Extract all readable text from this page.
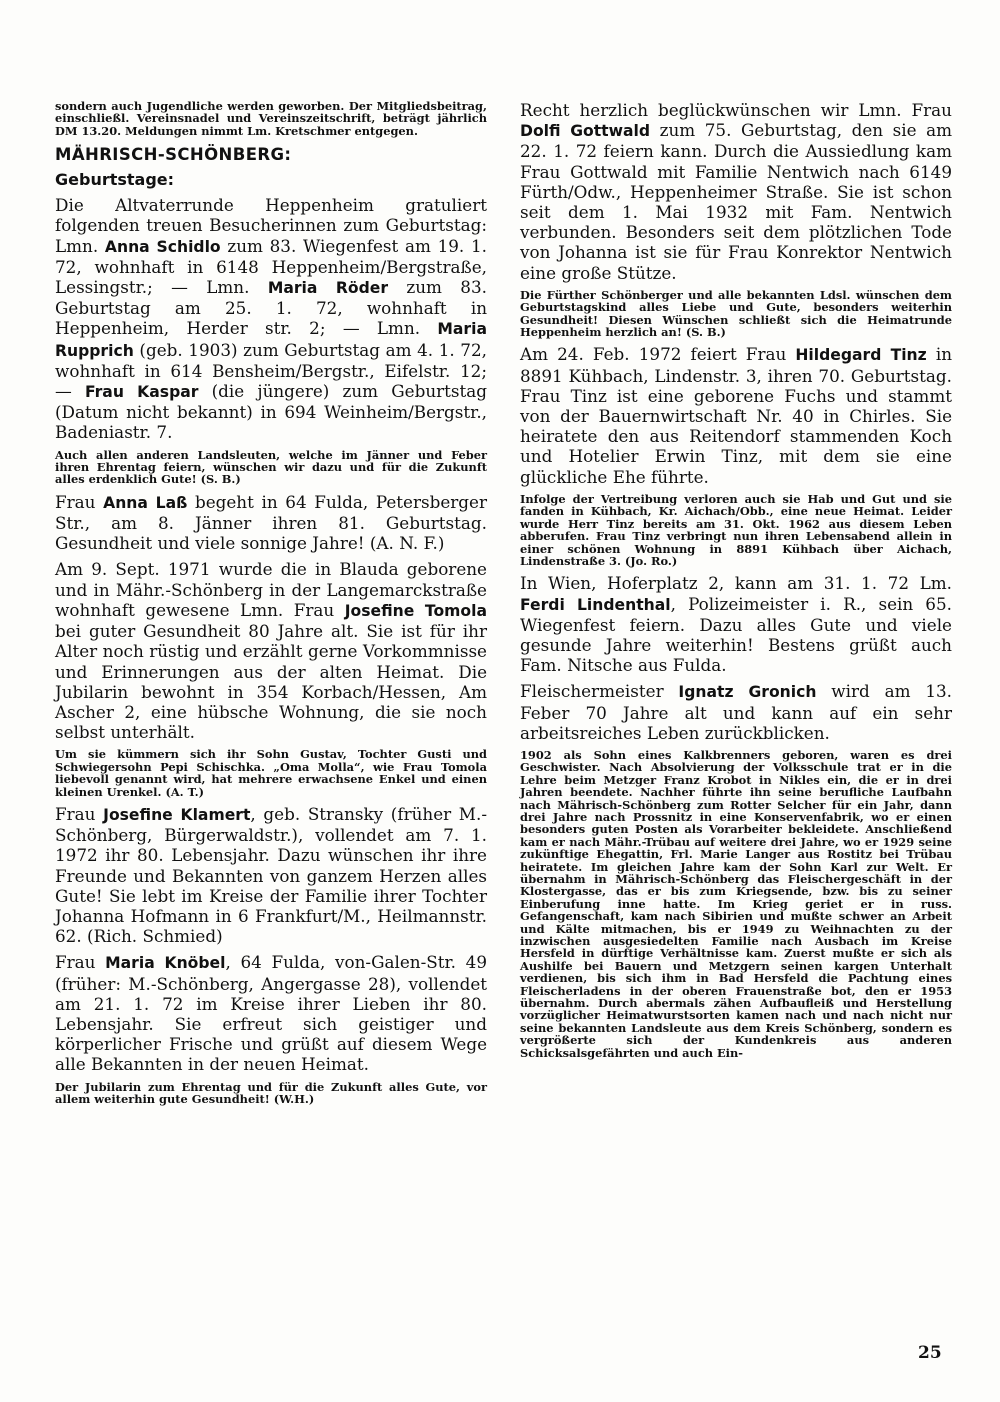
sondern auch Jugendliche werden geworben. Der Mitgliedsbeitrag, einschließl. Vereinsnadel und Vereinszeitschrift, beträgt jährlich DM 13.20. Meldungen nimmt Lm. Kretschmer entgegen.

MÄHRISCH-SCHÖNBERG:
Geburtstage:

Die Altvaterrunde Heppenheim gratuliert folgenden treuen Besucherinnen zum Geburtstag: Lmn. Anna Schidlo zum 83. Wiegenfest am 19. 1. 72, wohnhaft in 6148 Heppenheim/Bergstraße, Lessingstr.; — Lmn. Maria Röder zum 83. Geburtstag am 25. 1. 72, wohnhaft in Heppenheim, Herder str. 2; — Lmn. Maria Rupprich (geb. 1903) zum Geburtstag am 4. 1. 72, wohnhaft in 614 Bensheim/Bergstr., Eifelstr. 12; — Frau Kaspar (die jüngere) zum Geburtstag (Datum nicht bekannt) in 694 Weinheim/Bergstr., Badeniastr. 7.

Auch allen anderen Landsleuten, welche im Jänner und Feber ihren Ehrentag feiern, wünschen wir dazu und für die Zukunft alles erdenklich Gute! (S. B.)

Frau Anna Laß begeht in 64 Fulda, Petersberger Str., am 8. Jänner ihren 81. Geburtstag. Gesundheit und viele sonnige Jahre! (A. N. F.)

Am 9. Sept. 1971 wurde die in Blauda geborene und in Mähr.-Schönberg in der Langemarckstraße wohnhaft gewesene Lmn. Frau Josefine Tomola bei guter Gesundheit 80 Jahre alt. Sie ist für ihr Alter noch rüstig und erzählt gerne Vorkommnisse und Erinnerungen aus der alten Heimat. Die Jubilarin bewohnt in 354 Korbach/Hessen, Am Ascher 2, eine hübsche Wohnung, die sie noch selbst unterhält.

Um sie kümmern sich ihr Sohn Gustav, Tochter Gusti und Schwiegersohn Pepi Schischka. „Oma Molla“, wie Frau Tomola liebevoll genannt wird, hat mehrere erwachsene Enkel und einen kleinen Urenkel. (A. T.)

Frau Josefine Klamert, geb. Stransky (früher M.-Schönberg, Bürgerwaldstr.), vollendet am 7. 1. 1972 ihr 80. Lebensjahr. Dazu wünschen ihr ihre Freunde und Bekannten von ganzem Herzen alles Gute! Sie lebt im Kreise der Familie ihrer Tochter Johanna Hofmann in 6 Frankfurt/M., Heilmannstr. 62. (Rich. Schmied)

Frau Maria Knöbel, 64 Fulda, von-Galen-Str. 49 (früher: M.-Schönberg, Angergasse 28), vollendet am 21. 1. 72 im Kreise ihrer Lieben ihr 80. Lebensjahr. Sie erfreut sich geistiger und körperlicher Frische und grüßt auf diesem Wege alle Bekannten in der neuen Heimat.

Der Jubilarin zum Ehrentag und für die Zukunft alles Gute, vor allem weiterhin gute Gesundheit! (W.H.)

Recht herzlich beglückwünschen wir Lmn. Frau Dolfi Gottwald zum 75. Geburtstag, den sie am 22. 1. 72 feiern kann. Durch die Aussiedlung kam Frau Gottwald mit Familie Nentwich nach 6149 Fürth/Odw., Heppenheimer Straße. Sie ist schon seit dem 1. Mai 1932 mit Fam. Nentwich verbunden. Besonders seit dem plötzlichen Tode von Johanna ist sie für Frau Konrektor Nentwich eine große Stütze.

Die Fürther Schönberger und alle bekannten Ldsl. wünschen dem Geburtstagskind alles Liebe und Gute, besonders weiterhin Gesundheit! Diesen Wünschen schließt sich die Heimatrunde Heppenheim herzlich an! (S. B.)

Am 24. Feb. 1972 feiert Frau Hildegard Tinz in 8891 Kühbach, Lindenstr. 3, ihren 70. Geburtstag. Frau Tinz ist eine geborene Fuchs und stammt von der Bauernwirtschaft Nr. 40 in Chirles. Sie heiratete den aus Reitendorf stammenden Koch und Hotelier Erwin Tinz, mit dem sie eine glückliche Ehe führte.

Infolge der Vertreibung verloren auch sie Hab und Gut und sie fanden in Kühbach, Kr. Aichach/Obb., eine neue Heimat. Leider wurde Herr Tinz bereits am 31. Okt. 1962 aus diesem Leben abberufen. Frau Tinz verbringt nun ihren Lebensabend allein in einer schönen Wohnung in 8891 Kühbach über Aichach, Lindenstraße 3. (Jo. Ro.)

In Wien, Hoferplatz 2, kann am 31. 1. 72 Lm. Ferdi Lindenthal, Polizeimeister i. R., sein 65. Wiegenfest feiern. Dazu alles Gute und viele gesunde Jahre weiterhin! Bestens grüßt auch Fam. Nitsche aus Fulda.

Fleischermeister Ignatz Gronich wird am 13. Feber 70 Jahre alt und kann auf ein sehr arbeitsreiches Leben zurückblicken.

1902 als Sohn eines Kalkbrenners geboren, waren es drei Geschwister. Nach Absolvierung der Volksschule trat er in die Lehre beim Metzger Franz Krobot in Nikles ein, die er in drei Jahren beendete. Nachher führte ihn seine berufliche Laufbahn nach Mährisch-Schönberg zum Rotter Selcher für ein Jahr, dann drei Jahre nach Prossnitz in eine Konservenfabrik, wo er einen besonders guten Posten als Vorarbeiter bekleidete. Anschließend kam er nach Mähr.-Trübau auf weitere drei Jahre, wo er 1929 seine zukünftige Ehegattin, Frl. Marie Langer aus Rostitz bei Trübau heiratete. Im gleichen Jahre kam der Sohn Karl zur Welt. Er übernahm in Mährisch-Schönberg das Fleischergeschäft in der Klostergasse, das er bis zum Kriegsende, bzw. bis zu seiner Einberufung inne hatte. Im Krieg geriet er in russ. Gefangenschaft, kam nach Sibirien und mußte schwer an Arbeit und Kälte mitmachen, bis er 1949 zu Weihnachten zu der inzwischen ausgesiedelten Familie nach Ausbach im Kreise Hersfeld in dürftige Verhältnisse kam. Zuerst mußte er sich als Aushilfe bei Bauern und Metzgern seinen kargen Unterhalt verdienen, bis sich ihm in Bad Hersfeld die Pachtung eines Fleischerladens in der oberen Frauenstraße bot, den er 1953 übernahm. Durch abermals zähen Aufbaufleiß und Herstellung vorzüglicher Heimatwurstsorten kamen nach und nach nicht nur seine bekannten Landsleute aus dem Kreis Schönberg, sondern es vergrößerte sich der Kundenkreis aus anderen Schicksalsgefährten und auch Ein-

25
